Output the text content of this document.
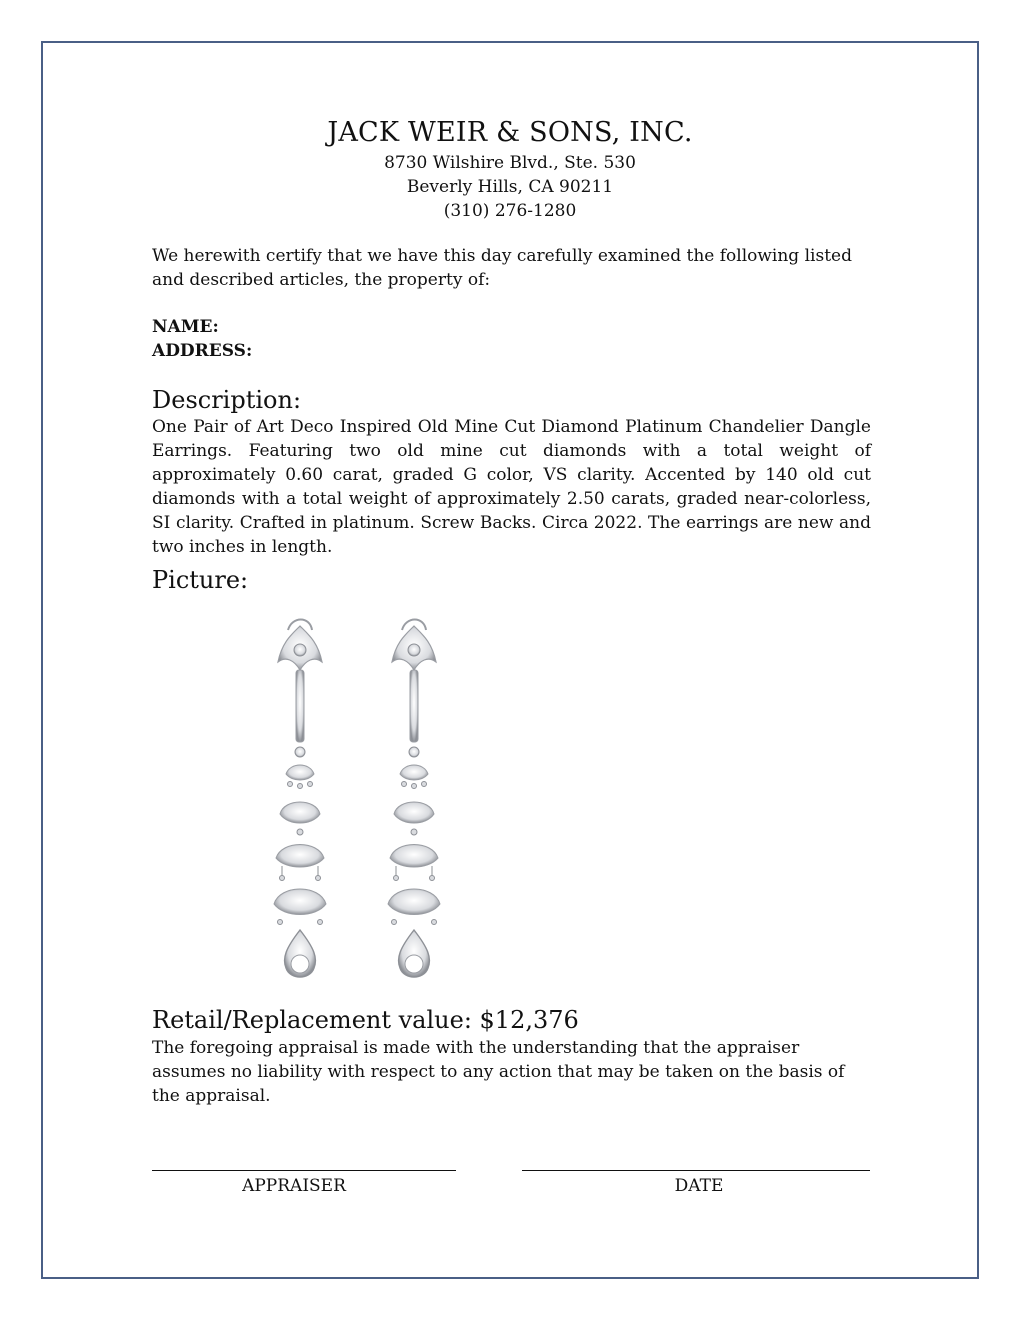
JACK WEIR & SONS, INC.
8730 Wilshire Blvd., Ste. 530
Beverly Hills, CA 90211
(310) 276-1280
We herewith certify that we have this day carefully examined the following listed and described articles, the property of:
NAME:
ADDRESS:
Description:
One Pair of Art Deco Inspired Old Mine Cut Diamond Platinum Chandelier Dangle Earrings. Featuring two old mine cut diamonds with a total weight of approximately 0.60 carat, graded G color, VS clarity. Accented by 140 old cut diamonds with a total weight of approximately 2.50 carats, graded near-colorless, SI clarity. Crafted in platinum. Screw Backs. Circa 2022. The earrings are new and two inches in length.
Picture:
Retail/Replacement value: $12,376
The foregoing appraisal is made with the understanding that the appraiser assumes no liability with respect to any action that may be taken on the basis of the appraisal.
APPRAISER	DATE
